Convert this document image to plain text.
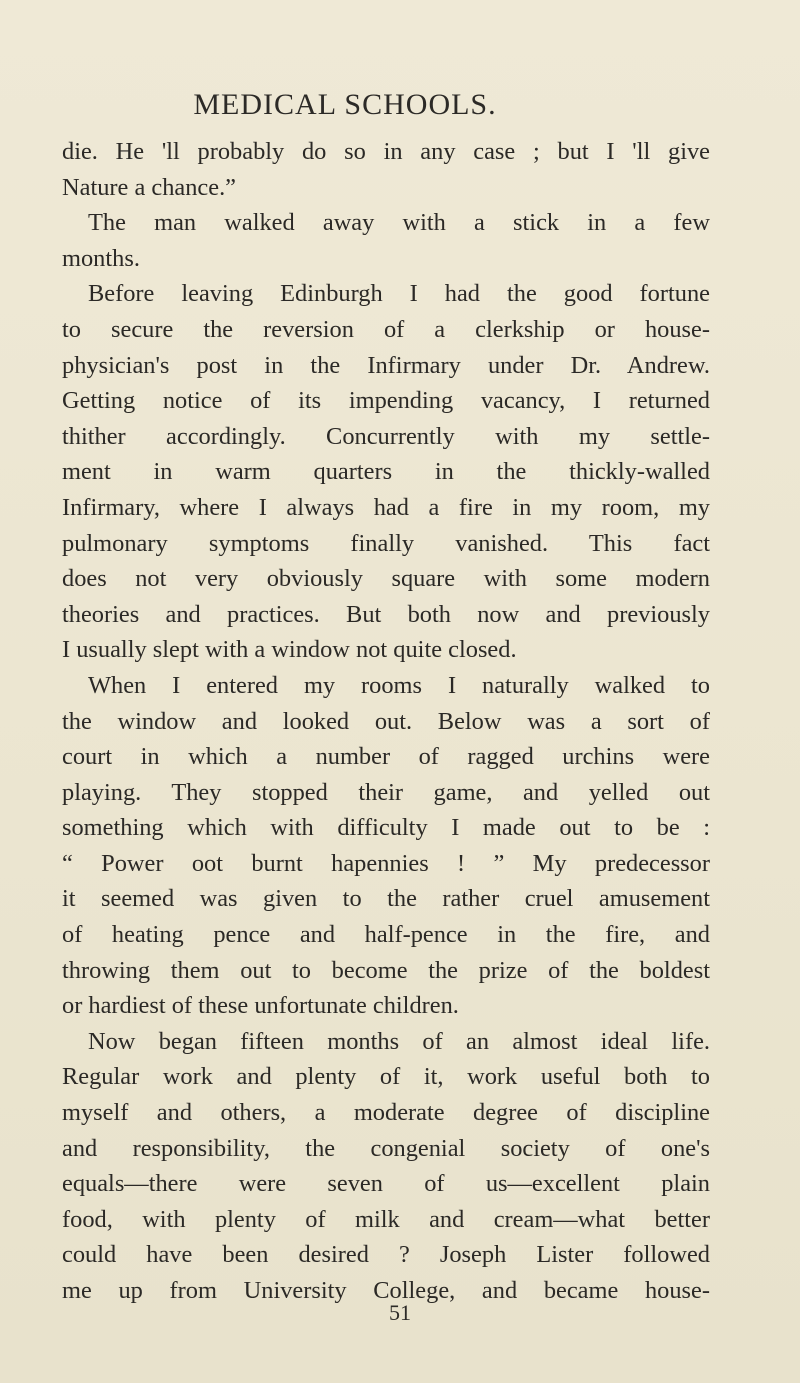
MEDICAL SCHOOLS.
die. He 'll probably do so in any case ; but I 'll give
Nature a chance.”
The man walked away with a stick in a few
months.
Before leaving Edinburgh I had the good fortune
to secure the reversion of a clerkship or house-
physician's post in the Infirmary under Dr. Andrew.
Getting notice of its impending vacancy, I returned
thither accordingly. Concurrently with my settle-
ment in warm quarters in the thickly-walled
Infirmary, where I always had a fire in my room, my
pulmonary symptoms finally vanished. This fact
does not very obviously square with some modern
theories and practices. But both now and previously
I usually slept with a window not quite closed.
When I entered my rooms I naturally walked to
the window and looked out. Below was a sort of
court in which a number of ragged urchins were
playing. They stopped their game, and yelled out
something which with difficulty I made out to be :
“ Power oot burnt hapennies ! ” My predecessor
it seemed was given to the rather cruel amusement
of heating pence and half-pence in the fire, and
throwing them out to become the prize of the boldest
or hardiest of these unfortunate children.
Now began fifteen months of an almost ideal life.
Regular work and plenty of it, work useful both to
myself and others, a moderate degree of discipline
and responsibility, the congenial society of one's
equals—there were seven of us—excellent plain
food, with plenty of milk and cream—what better
could have been desired ? Joseph Lister followed
me up from University College, and became house-
51
